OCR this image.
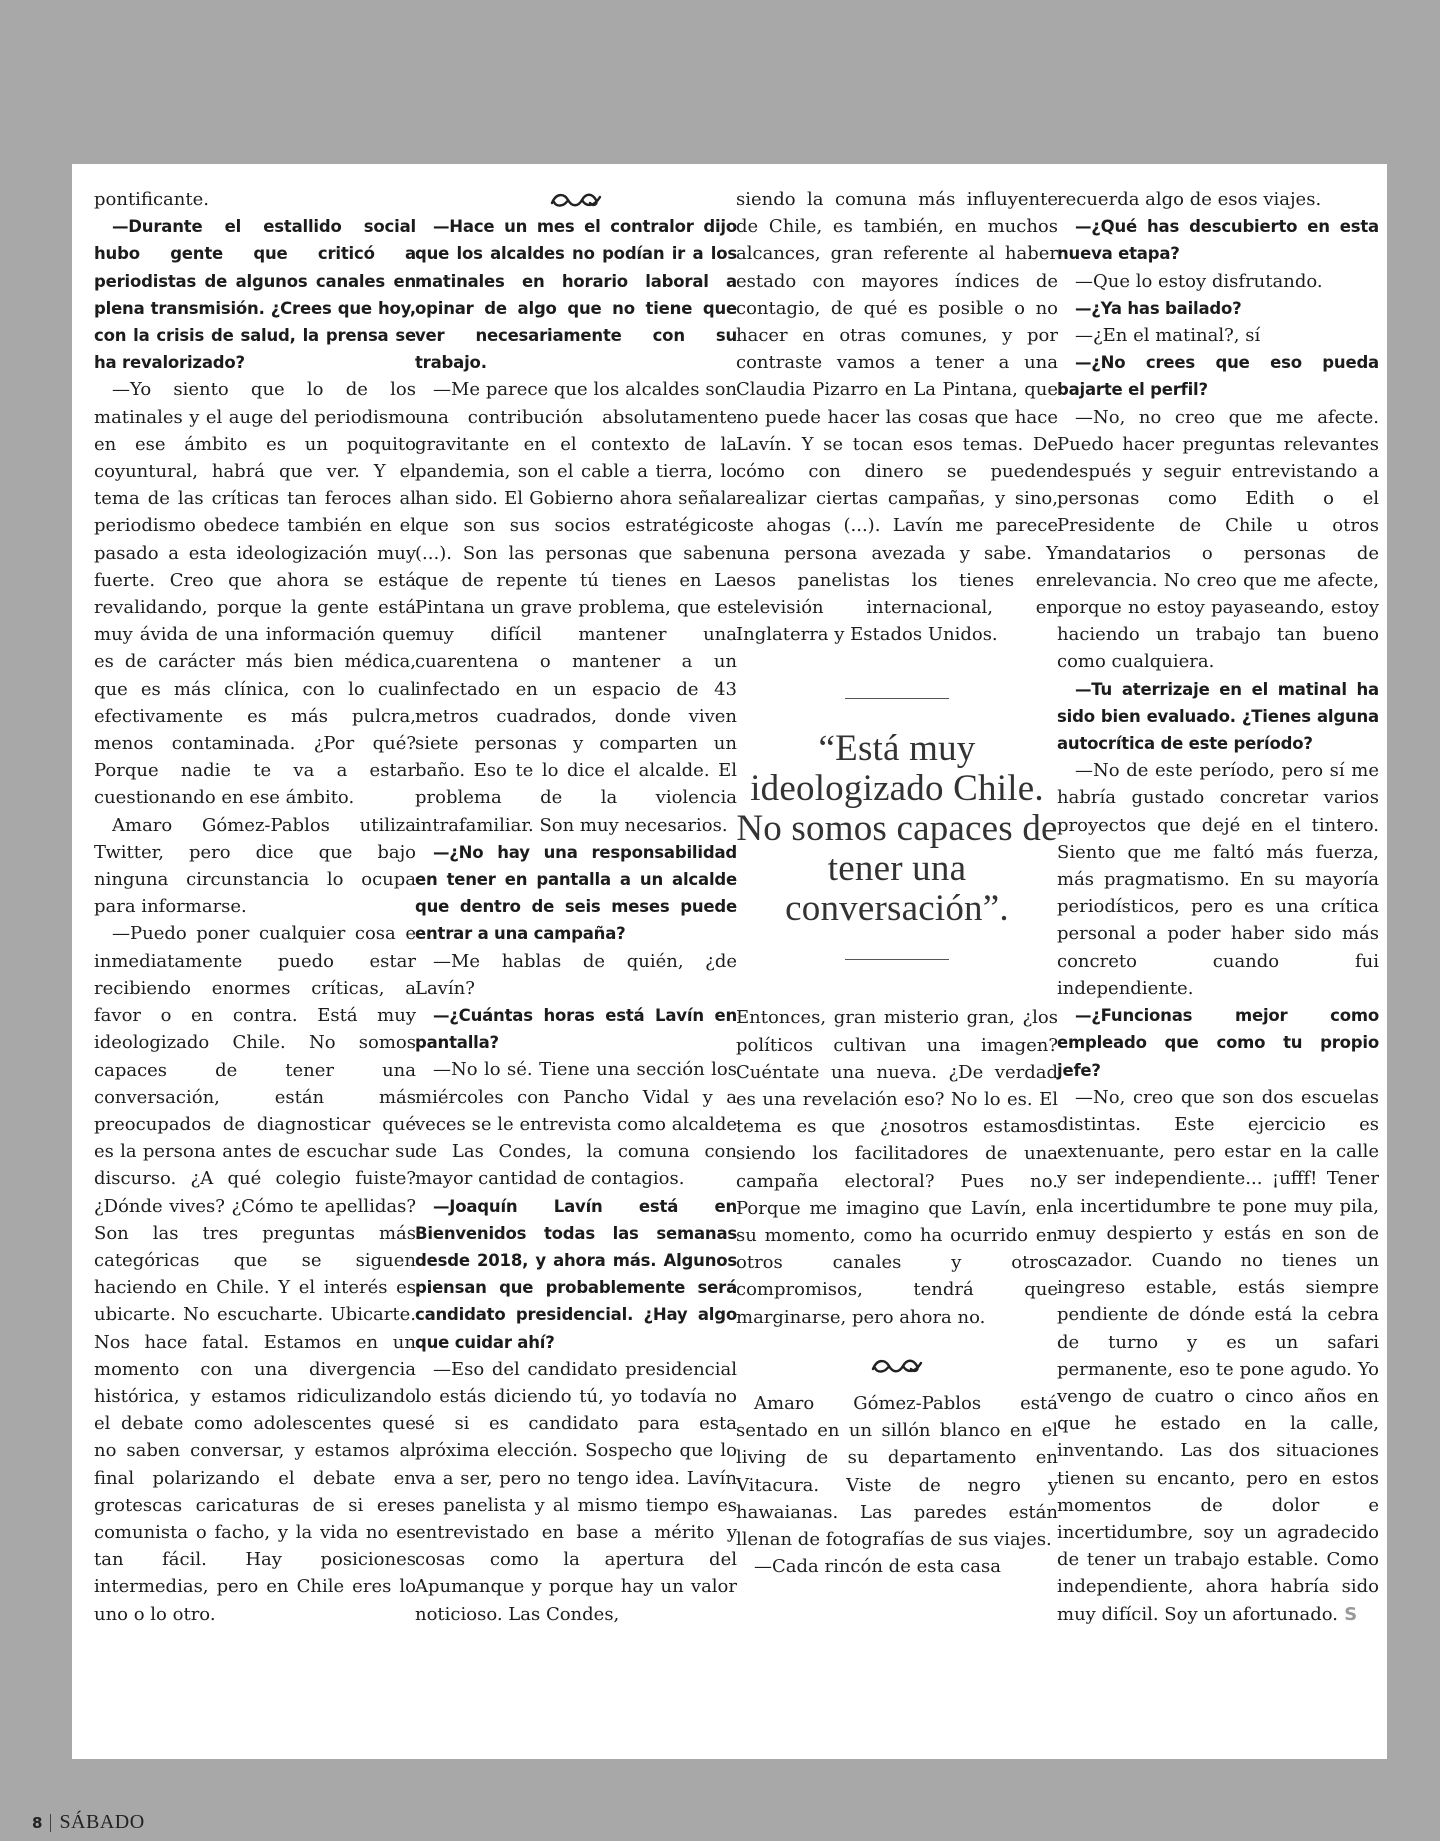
pontificante.

—Durante el estallido social hubo gente que criticó a periodistas de algunos canales en plena transmisión. ¿Crees que hoy, con la crisis de salud, la prensa se ha revalorizado?

—Yo siento que lo de los matinales y el auge del periodismo en ese ámbito es un poquito coyuntural, habrá que ver. Y el tema de las críticas tan feroces al periodismo obedece también en el pasado a esta ideologización muy fuerte. Creo que ahora se está revalidando, porque la gente está muy ávida de una información que es de carácter más bien médica, que es más clínica, con lo cual efectivamente es más pulcra, menos contaminada. ¿Por qué? Porque nadie te va a estar cuestionando en ese ámbito.

Amaro Gómez-Pablos utiliza Twitter, pero dice que bajo ninguna circunstancia lo ocupa para informarse.

—Puedo poner cualquier cosa e inmediatamente puedo estar recibiendo enormes críticas, a favor o en contra. Está muy ideologizado Chile. No somos capaces de tener una conversación, están más preocupados de diagnosticar qué es la persona antes de escuchar su discurso. ¿A qué colegio fuiste? ¿Dónde vives? ¿Cómo te apellidas? Son las tres preguntas más categóricas que se siguen haciendo en Chile. Y el interés es ubicarte. No escucharte. Ubicarte. Nos hace fatal. Estamos en un momento con una divergencia histórica, y estamos ridiculizando el debate como adolescentes que no saben conversar, y estamos al final polarizando el debate en grotescas caricaturas de si eres comunista o facho, y la vida no es tan fácil. Hay posiciones intermedias, pero en Chile eres lo uno o lo otro.

—Hace un mes el contralor dijo que los alcaldes no podían ir a los matinales en horario laboral a opinar de algo que no tiene que ver necesariamente con su trabajo.

—Me parece que los alcaldes son una contribución absolutamente gravitante en el contexto de la pandemia, son el cable a tierra, lo han sido. El Gobierno ahora señala que son sus socios estratégicos (...). Son las personas que saben que de repente tú tienes en La Pintana un grave problema, que es muy difícil mantener una cuarentena o mantener a un infectado en un espacio de 43 metros cuadrados, donde viven siete personas y comparten un baño. Eso te lo dice el alcalde. El problema de la violencia intrafamiliar. Son muy necesarios.

—¿No hay una responsabilidad en tener en pantalla a un alcalde que dentro de seis meses puede entrar a una campaña?

—Me hablas de quién, ¿de Lavín?

—¿Cuántas horas está Lavín en pantalla?

—No lo sé. Tiene una sección los miércoles con Pancho Vidal y a veces se le entrevista como alcalde de Las Condes, la comuna con mayor cantidad de contagios.

—Joaquín Lavín está en Bienvenidos todas las semanas desde 2018, y ahora más. Algunos piensan que probablemente será candidato presidencial. ¿Hay algo que cuidar ahí?

—Eso del candidato presidencial lo estás diciendo tú, yo todavía no sé si es candidato para esta próxima elección. Sospecho que lo va a ser, pero no tengo idea. Lavín es panelista y al mismo tiempo es entrevistado en base a mérito y cosas como la apertura del Apumanque y porque hay un valor noticioso. Las Condes,

siendo la comuna más influyente de Chile, es también, en muchos alcances, gran referente al haber estado con mayores índices de contagio, de qué es posible o no hacer en otras comunes, y por contraste vamos a tener a una Claudia Pizarro en La Pintana, que no puede hacer las cosas que hace Lavín. Y se tocan esos temas. De cómo con dinero se pueden realizar ciertas campañas, y sino, te ahogas (...). Lavín me parece una persona avezada y sabe. Y esos panelistas los tienes en televisión internacional, en Inglaterra y Estados Unidos.

“Está muy ideologizado Chile. No somos capaces de tener una conversación”.

Entonces, gran misterio gran, ¿los políticos cultivan una imagen? Cuéntate una nueva. ¿De verdad es una revelación eso? No lo es. El tema es que ¿nosotros estamos siendo los facilitadores de una campaña electoral? Pues no. Porque me imagino que Lavín, en su momento, como ha ocurrido en otros canales y otros compromisos, tendrá que marginarse, pero ahora no.

Amaro Gómez-Pablos está sentado en un sillón blanco en el living de su departamento en Vitacura. Viste de negro y hawaianas. Las paredes están llenan de fotografías de sus viajes.

—Cada rincón de esta casa

recuerda algo de esos viajes.

—¿Qué has descubierto en esta nueva etapa?

—Que lo estoy disfrutando.

—¿Ya has bailado?

—¿En el matinal?, sí

—¿No crees que eso pueda bajarte el perfil?

—No, no creo que me afecte. Puedo hacer preguntas relevantes después y seguir entrevistando a personas como Edith o el Presidente de Chile u otros mandatarios o personas de relevancia. No creo que me afecte, porque no estoy payaseando, estoy haciendo un trabajo tan bueno como cualquiera.

—Tu aterrizaje en el matinal ha sido bien evaluado. ¿Tienes alguna autocrítica de este período?

—No de este período, pero sí me habría gustado concretar varios proyectos que dejé en el tintero. Siento que me faltó más fuerza, más pragmatismo. En su mayoría periodísticos, pero es una crítica personal a poder haber sido más concreto cuando fui independiente.

—¿Funcionas mejor como empleado que como tu propio jefe?

—No, creo que son dos escuelas distintas. Este ejercicio es extenuante, pero estar en la calle y ser independiente... ¡ufff! Tener la incertidumbre te pone muy pila, muy despierto y estás en son de cazador. Cuando no tienes un ingreso estable, estás siempre pendiente de dónde está la cebra de turno y es un safari permanente, eso te pone agudo. Yo vengo de cuatro o cinco años en que he estado en la calle, inventando. Las dos situaciones tienen su encanto, pero en estos momentos de dolor e incertidumbre, soy un agradecido de tener un trabajo estable. Como independiente, ahora habría sido muy difícil. Soy un afortunado. S

8 SÁBADO
